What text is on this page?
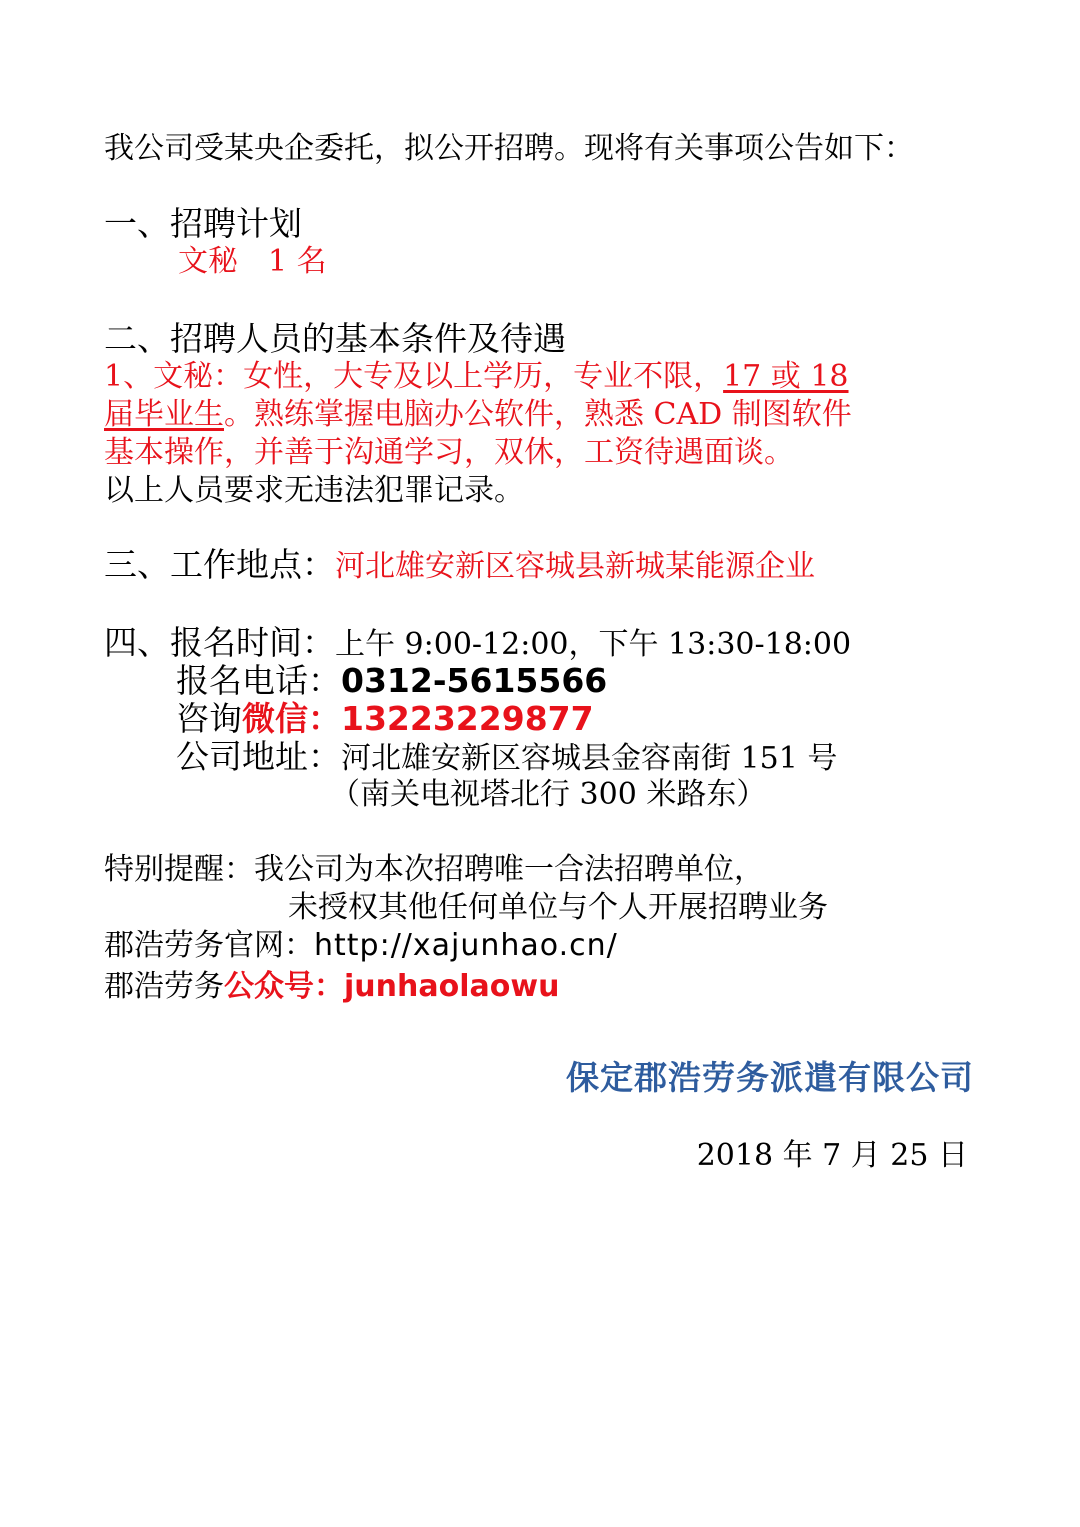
我公司受某央企委托，拟公开招聘。现将有关事项公告如下：
一、招聘计划
文秘　1 名
二、招聘人员的基本条件及待遇
1、文秘：女性，大专及以上学历，专业不限，17 或 18
届毕业生。熟练掌握电脑办公软件，熟悉 CAD 制图软件
基本操作，并善于沟通学习，双休，工资待遇面谈。
以上人员要求无违法犯罪记录。
三、工作地点：河北雄安新区容城县新城某能源企业
四、报名时间：上午 9:00-12:00，下午 13:30-18:00
报名电话：0312-5615566
咨询微信：13223229877
公司地址：河北雄安新区容城县金容南街 151 号
（南关电视塔北行 300 米路东）
特别提醒：我公司为本次招聘唯一合法招聘单位，
未授权其他任何单位与个人开展招聘业务
郡浩劳务官网：http://xajunhao.cn/
郡浩劳务公众号：junhaolaowu
保定郡浩劳务派遣有限公司
2018 年 7 月 25 日
